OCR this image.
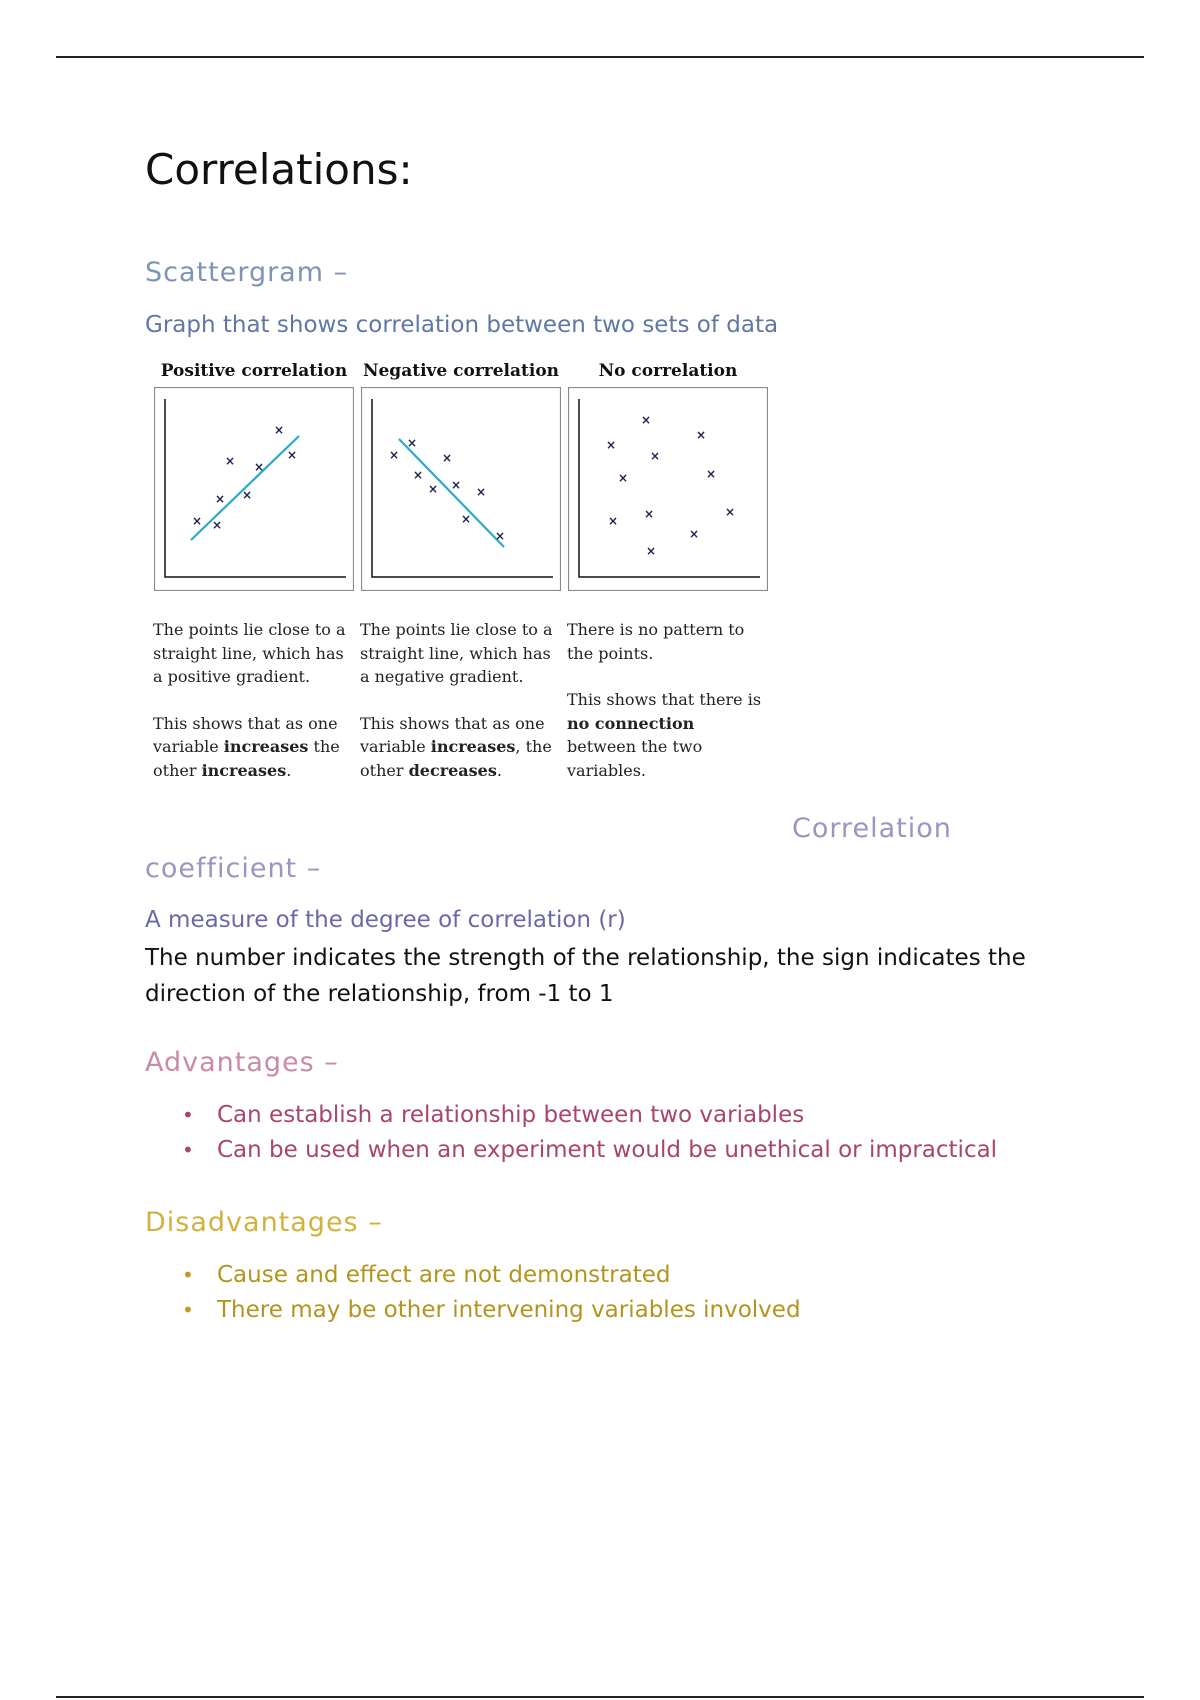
Correlations:
Scattergram –
Graph that shows correlation between two sets of data
Positive correlation Negative correlation	No correlation
×
×	×
×
× ×
× ×
×
×
×
×
× × ×
×
×
×
×
×
×
×
×
×
×
×
×
×

The points lie close to a straight line, which has a positive gradient.

This shows that as one variable increases the other increases.

The points lie close to a straight line, which has a negative gradient.

This shows that as one variable increases, the other decreases.

There is no pattern to the points.

This shows that there is no connection between the two variables.

Correlation
coefficient –
A measure of the degree of correlation (r)
The number indicates the strength of the relationship, the sign indicates the direction of the relationship, from -1 to 1
Advantages –
• Can establish a relationship between two variables
• Can be used when an experiment would be unethical or impractical
Disadvantages –
• Cause and effect are not demonstrated
• There may be other intervening variables involved
